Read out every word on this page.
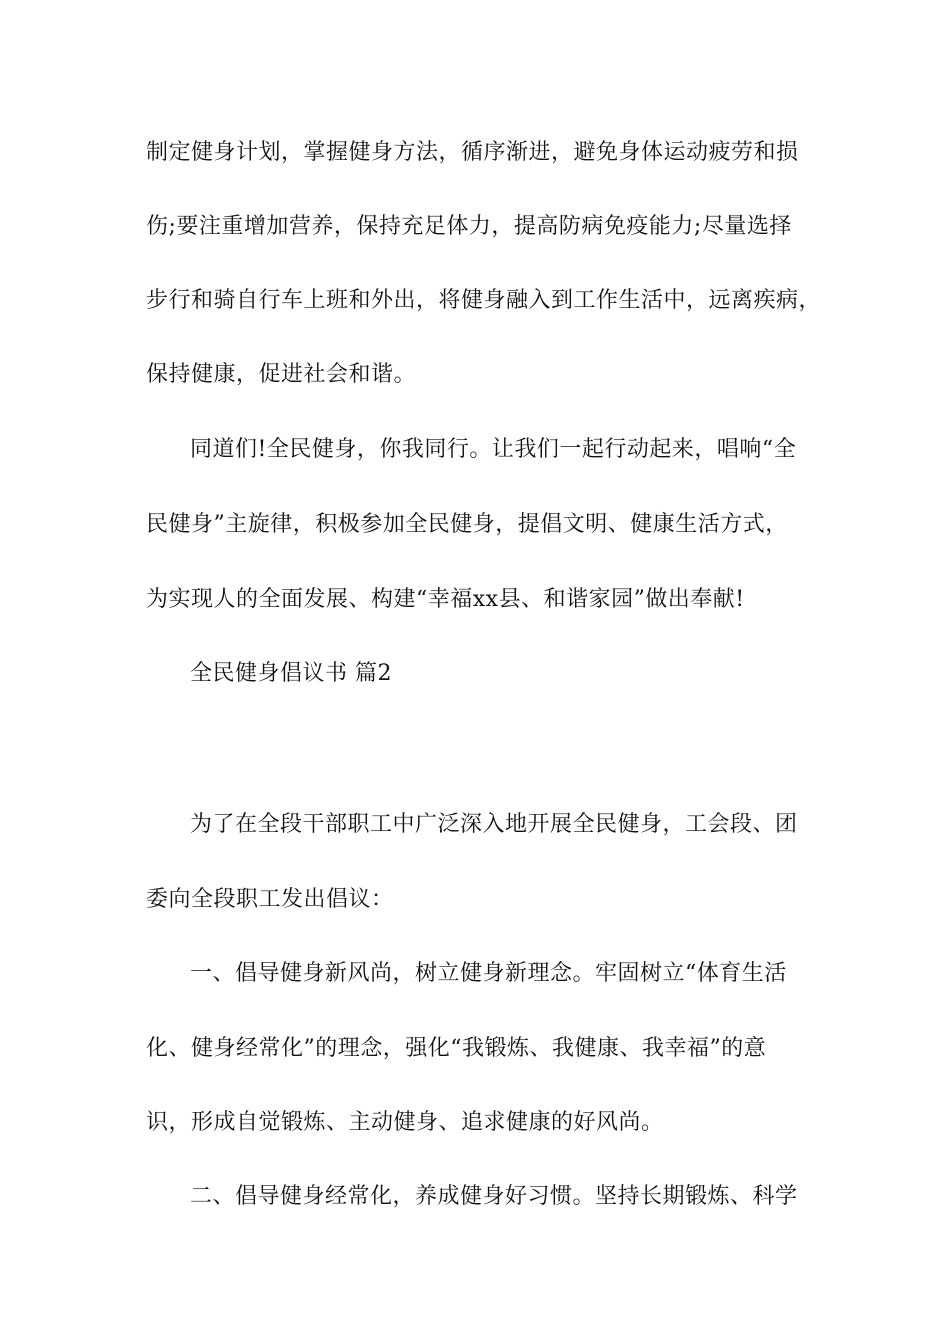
制定健身计划，掌握健身方法，循序渐进，避免身体运动疲劳和损
伤;要注重增加营养，保持充足体力，提高防病免疫能力;尽量选择
步行和骑自行车上班和外出，将健身融入到工作生活中，远离疾病，
保持健康，促进社会和谐。
同道们!全民健身，你我同行。让我们一起行动起来，唱响“全
民健身”主旋律，积极参加全民健身，提倡文明、健康生活方式，
为实现人的全面发展、构建“幸福xx县、和谐家园”做出奉献!
全民健身倡议书 篇2
为了在全段干部职工中广泛深入地开展全民健身，工会段、团
委向全段职工发出倡议：
一、倡导健身新风尚，树立健身新理念。牢固树立“体育生活
化、健身经常化”的理念，强化“我锻炼、我健康、我幸福”的意
识，形成自觉锻炼、主动健身、追求健康的好风尚。
二、倡导健身经常化，养成健身好习惯。坚持长期锻炼、科学
